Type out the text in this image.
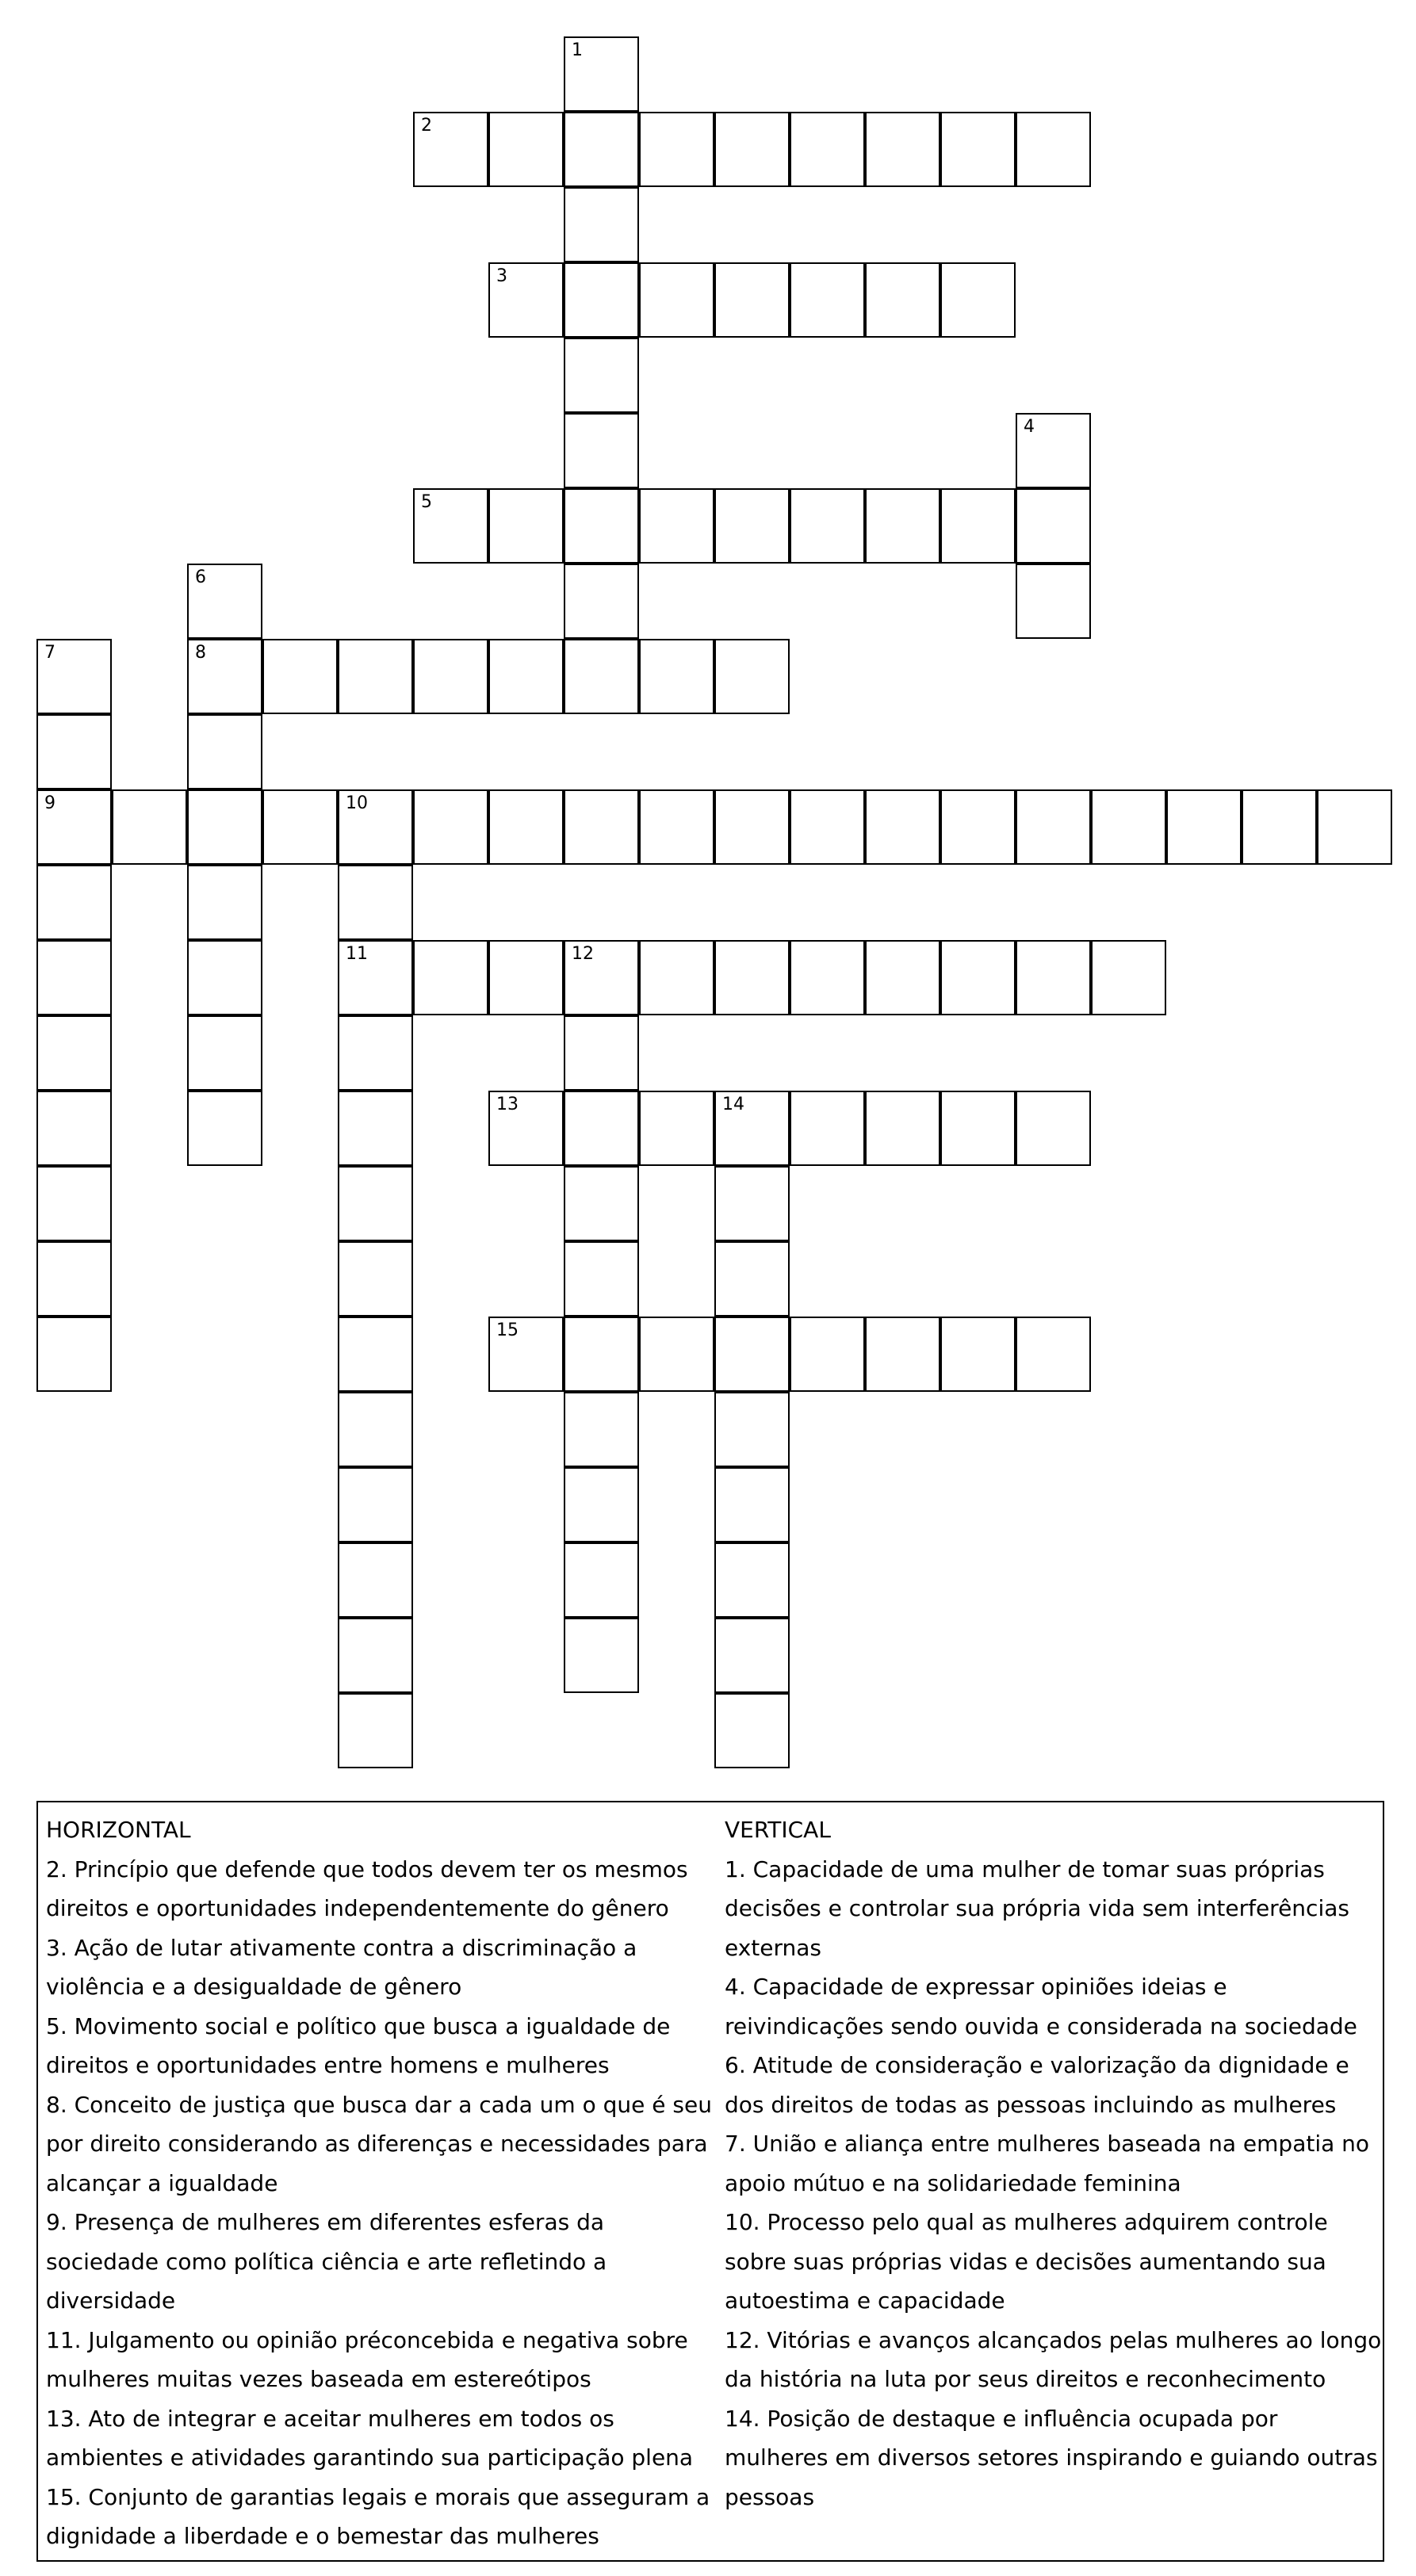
1
2
3
4
5
6
8
7
9	10
11	12
13	14
15
HORIZONTAL
2. Princípio que defende que todos devem ter os mesmos direitos e oportunidades independentemente do gênero
3. Ação de lutar ativamente contra a discriminação a violência e a desigualdade de gênero
5. Movimento social e político que busca a igualdade de direitos e oportunidades entre homens e mulheres
8. Conceito de justiça que busca dar a cada um o que é seu por direito considerando as diferenças e necessidades para alcançar a igualdade
9. Presença de mulheres em diferentes esferas da sociedade como política ciência e arte refletindo a diversidade
11. Julgamento ou opinião préconcebida e negativa sobre mulheres muitas vezes baseada em estereótipos
13. Ato de integrar e aceitar mulheres em todos os ambientes e atividades garantindo sua participação plena
15. Conjunto de garantias legais e morais que asseguram a dignidade a liberdade e o bemestar das mulheres
VERTICAL
1. Capacidade de uma mulher de tomar suas próprias decisões e controlar sua própria vida sem interferências externas
4. Capacidade de expressar opiniões ideias e reivindicações sendo ouvida e considerada na sociedade
6. Atitude de consideração e valorização da dignidade e dos direitos de todas as pessoas incluindo as mulheres
7. União e aliança entre mulheres baseada na empatia no apoio mútuo e na solidariedade feminina
10. Processo pelo qual as mulheres adquirem controle sobre suas próprias vidas e decisões aumentando sua autoestima e capacidade
12. Vitórias e avanços alcançados pelas mulheres ao longo da história na luta por seus direitos e reconhecimento
14. Posição de destaque e influência ocupada por mulheres em diversos setores inspirando e guiando outras pessoas
